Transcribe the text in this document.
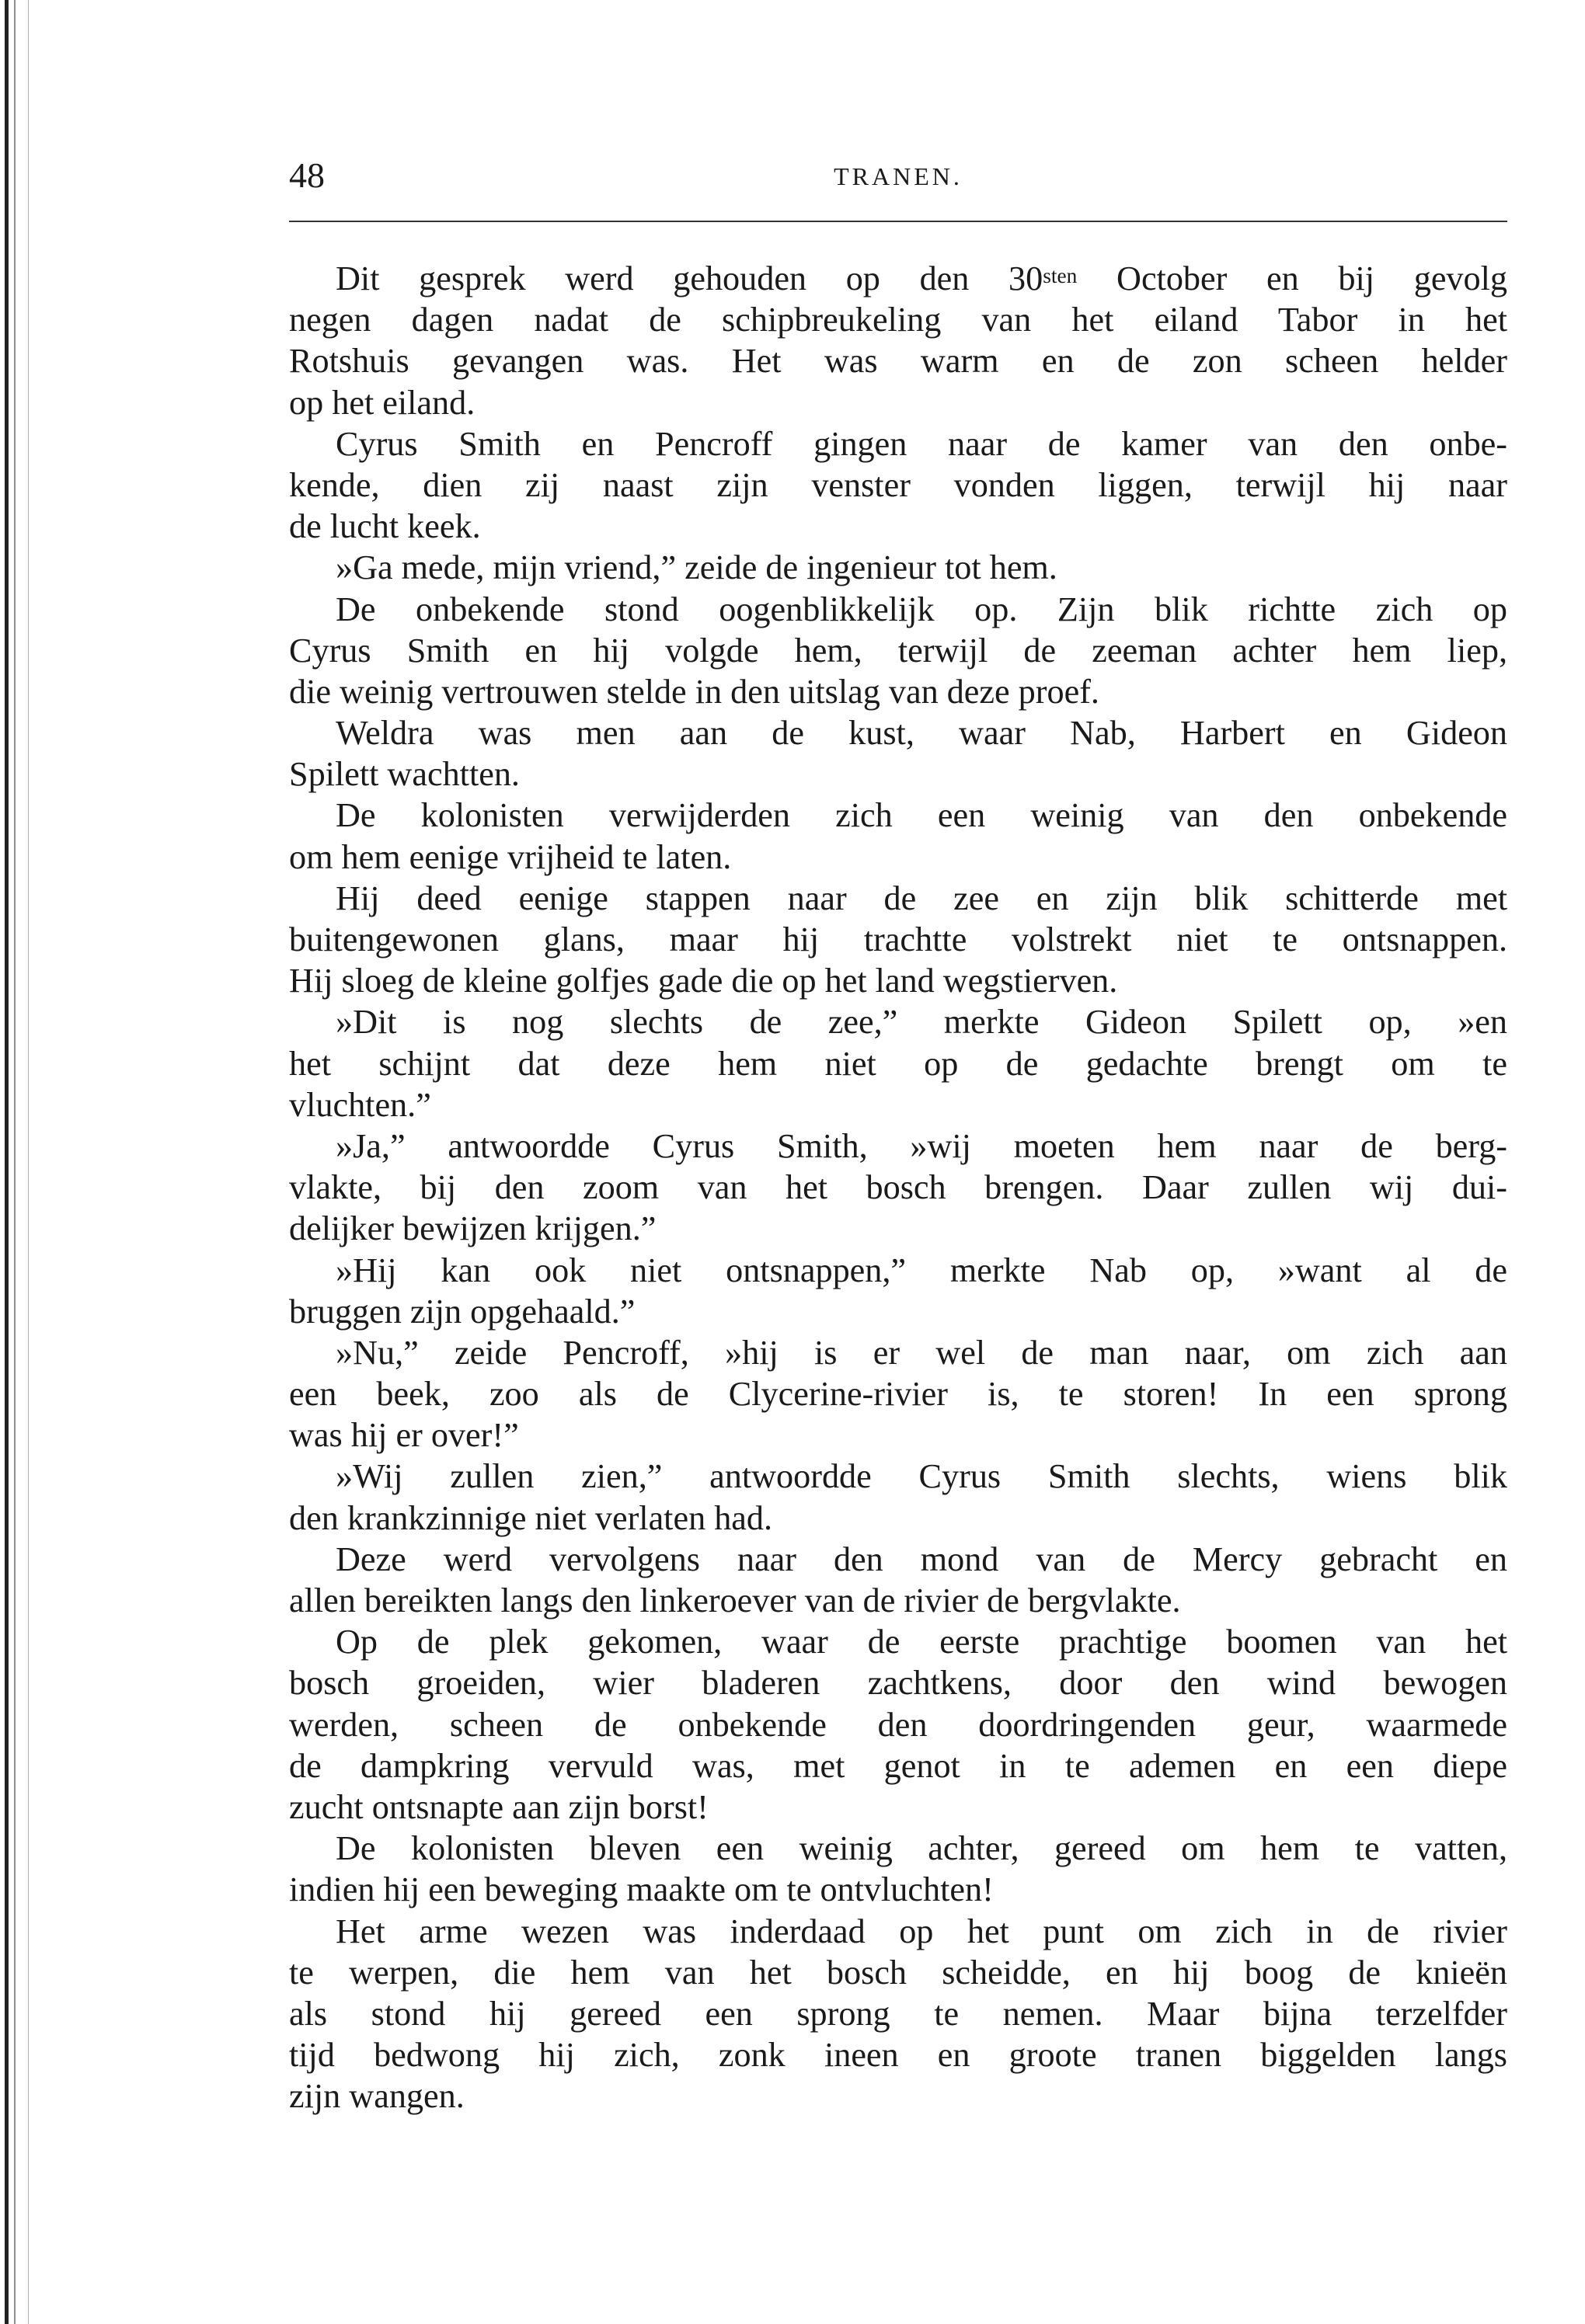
48	TRANEN.
Dit gesprek werd gehouden op den $30^{sten}$ October en bij gevolg
negen dagen nadat de schipbreukeling van het eiland Tabor in het
Rotshuis gevangen was. Het was warm en de zon scheen helder
op het eiland.
Cyrus Smith en Pencroff gingen naar de kamer van den onbe-
kende, dien zij naast zijn venster vonden liggen, terwijl hij naar
de lucht keek.
»Ga mede, mijn vriend,” zeide de ingenieur tot hem.
De onbekende stond oogenblikkelijk op. Zijn blik richtte zich op
Cyrus Smith en hij volgde hem, terwijl de zeeman achter hem liep,
die weinig vertrouwen stelde in den uitslag van deze proef.
Weldra was men aan de kust, waar Nab, Harbert en Gideon
Spilett wachtten.
De kolonisten verwijderden zich een weinig van den onbekende
om hem eenige vrijheid te laten.
Hij deed eenige stappen naar de zee en zijn blik schitterde met
buitengewonen glans, maar hij trachtte volstrekt niet te ontsnappen.
Hij sloeg de kleine golfjes gade die op het land wegstierven.
»Dit is nog slechts de zee,” merkte Gideon Spilett op, »en
het schijnt dat deze hem niet op de gedachte brengt om te
vluchten.”
»Ja,” antwoordde Cyrus Smith, »wij moeten hem naar de berg-
vlakte, bij den zoom van het bosch brengen. Daar zullen wij dui-
delijker bewijzen krijgen.”
»Hij kan ook niet ontsnappen,” merkte Nab op, »want al de
bruggen zijn opgehaald.”
»Nu,” zeide Pencroff, »hij is er wel de man naar, om zich aan
een beek, zoo als de Clycerine-rivier is, te storen! In een sprong
was hij er over!”
»Wij zullen zien,” antwoordde Cyrus Smith slechts, wiens blik
den krankzinnige niet verlaten had.
Deze werd vervolgens naar den mond van de Mercy gebracht en
allen bereikten langs den linkeroever van de rivier de bergvlakte.
Op de plek gekomen, waar de eerste prachtige boomen van het
bosch groeiden, wier bladeren zachtkens, door den wind bewogen
werden, scheen de onbekende den doordringenden geur, waarmede
de dampkring vervuld was, met genot in te ademen en een diepe
zucht ontsnapte aan zijn borst!
De kolonisten bleven een weinig achter, gereed om hem te vatten,
indien hij een beweging maakte om te ontvluchten!
Het arme wezen was inderdaad op het punt om zich in de rivier
te werpen, die hem van het bosch scheidde, en hij boog de knieën
als stond hij gereed een sprong te nemen. Maar bijna terzelfder
tijd bedwong hij zich, zonk ineen en groote tranen biggelden langs
zijn wangen.
